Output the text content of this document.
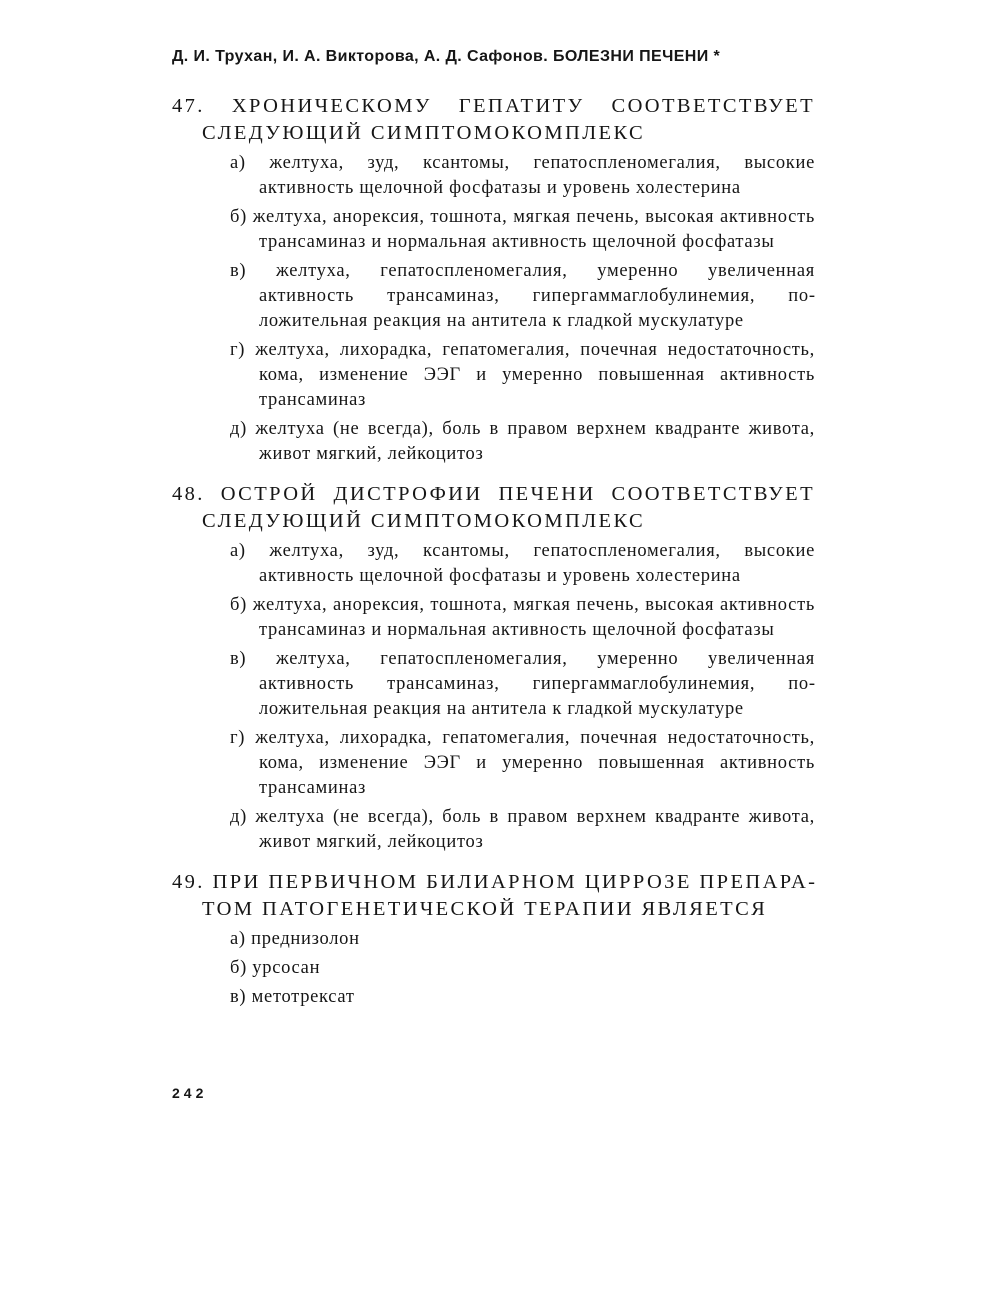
Д. И. Трухан, И. А. Викторова, А. Д. Сафонов. БОЛЕЗНИ ПЕЧЕНИ *
47. ХРОНИЧЕСКОМУ ГЕПАТИТУ СООТВЕТСТВУЕТ СЛЕДУЮЩИЙ СИМПТОМОКОМПЛЕКС
а) желтуха, зуд, ксантомы, гепатоспленомегалия, высокие активность щелочной фосфатазы и уровень холестерина
б) желтуха, анорексия, тошнота, мягкая печень, высокая активность трансаминаз и нормальная активность щелочной фосфатазы
в) желтуха, гепатоспленомегалия, умеренно увеличенная активность трансаминаз, гипергаммаглобулинемия, положительная реакция на антитела к гладкой мускулатуре
г) желтуха, лихорадка, гепатомегалия, почечная недостаточность, кома, изменение ЭЭГ и умеренно повышенная активность трансаминаз
д) желтуха (не всегда), боль в правом верхнем квадранте живота, живот мягкий, лейкоцитоз
48. ОСТРОЙ ДИСТРОФИИ ПЕЧЕНИ СООТВЕТСТВУЕТ СЛЕДУЮЩИЙ СИМПТОМОКОМПЛЕКС
а) желтуха, зуд, ксантомы, гепатоспленомегалия, высокие активность щелочной фосфатазы и уровень холестерина
б) желтуха, анорексия, тошнота, мягкая печень, высокая активность трансаминаз и нормальная активность щелочной фосфатазы
в) желтуха, гепатоспленомегалия, умеренно увеличенная активность трансаминаз, гипергаммаглобулинемия, положительная реакция на антитела к гладкой мускулатуре
г) желтуха, лихорадка, гепатомегалия, почечная недостаточность, кома, изменение ЭЭГ и умеренно повышенная активность трансаминаз
д) желтуха (не всегда), боль в правом верхнем квадранте живота, живот мягкий, лейкоцитоз
49. ПРИ ПЕРВИЧНОМ БИЛИАРНОМ ЦИРРОЗЕ ПРЕПАРАТОМ ПАТОГЕНЕТИЧЕСКОЙ ТЕРАПИИ ЯВЛЯЕТСЯ
а) преднизолон
б) урсосан
в) метотрексат
242
